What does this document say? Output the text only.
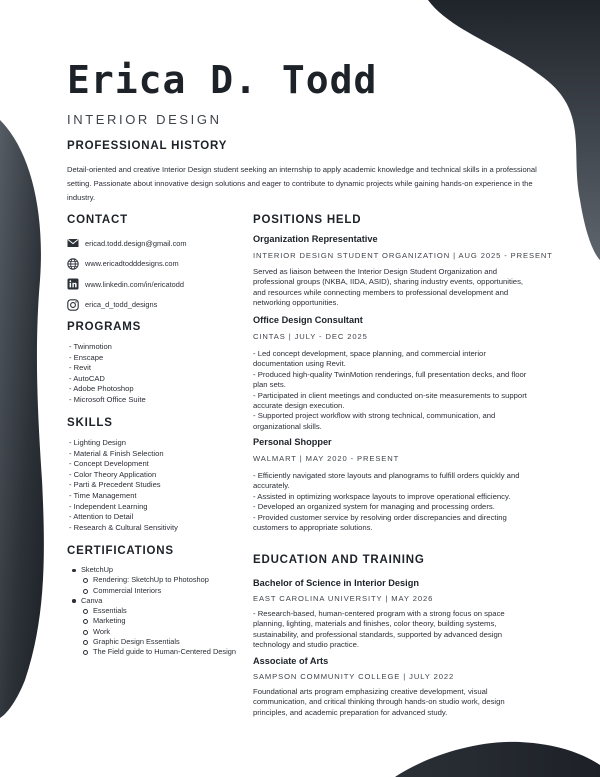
Erica D. Todd
INTERIOR DESIGN
PROFESSIONAL HISTORY
Detail-oriented and creative Interior Design student seeking an internship to apply academic knowledge and technical skills in a professional setting. Passionate about innovative design solutions and eager to contribute to dynamic projects while gaining hands-on experience in the industry.
CONTACT
ericad.todd.design@gmail.com
www.ericadtodddesigns.com
www.linkedin.com/in/ericatodd
erica_d_todd_designs
PROGRAMS
- Twinmotion
- Enscape
- Revit
- AutoCAD
- Adobe Photoshop
- Microsoft Office Suite
SKILLS
- Lighting Design
- Material & Finish Selection
- Concept Development
- Color Theory Application
- Parti & Precedent Studies
- Time Management
- Independent Learning
- Attention to Detail
- Research & Cultural Sensitivity
CERTIFICATIONS
SketchUp
Rendering: SketchUp to Photoshop
Commercial Interiors
Canva
Essentials
Marketing
Work
Graphic Design Essentials
The Field guide to Human-Centered Design
POSITIONS HELD
Organization Representative
INTERIOR DESIGN STUDENT ORGANIZATION | AUG 2025 - PRESENT
Served as liaison between the Interior Design Student Organization and professional groups (NKBA, IIDA, ASID), sharing industry events, opportunities, and resources while connecting members to professional development and networking opportunities.
Office Design Consultant
CINTAS | JULY - DEC 2025
- Led concept development, space planning, and commercial interior documentation using Revit.
- Produced high-quality TwinMotion renderings, full presentation decks, and floor plan sets.
- Participated in client meetings and conducted on-site measurements to support accurate design execution.
- Supported project workflow with strong technical, communication, and organizational skills.
Personal Shopper
WALMART | MAY 2020 - PRESENT
- Efficiently navigated store layouts and planograms to fulfill orders quickly and accurately.
- Assisted in optimizing workspace layouts to improve operational efficiency.
- Developed an organized system for managing and processing orders.
- Provided customer service by resolving order discrepancies and directing customers to appropriate solutions.
EDUCATION AND TRAINING
Bachelor of Science in Interior Design
EAST CAROLINA UNIVERSITY | MAY 2026
- Research-based, human-centered program with a strong focus on space planning, lighting, materials and finishes, color theory, building systems, sustainability, and professional standards, supported by advanced design technology and studio practice.
Associate of Arts
SAMPSON COMMUNITY COLLEGE | JULY 2022
Foundational arts program emphasizing creative development, visual communication, and critical thinking through hands-on studio work, design principles, and academic preparation for advanced study.
